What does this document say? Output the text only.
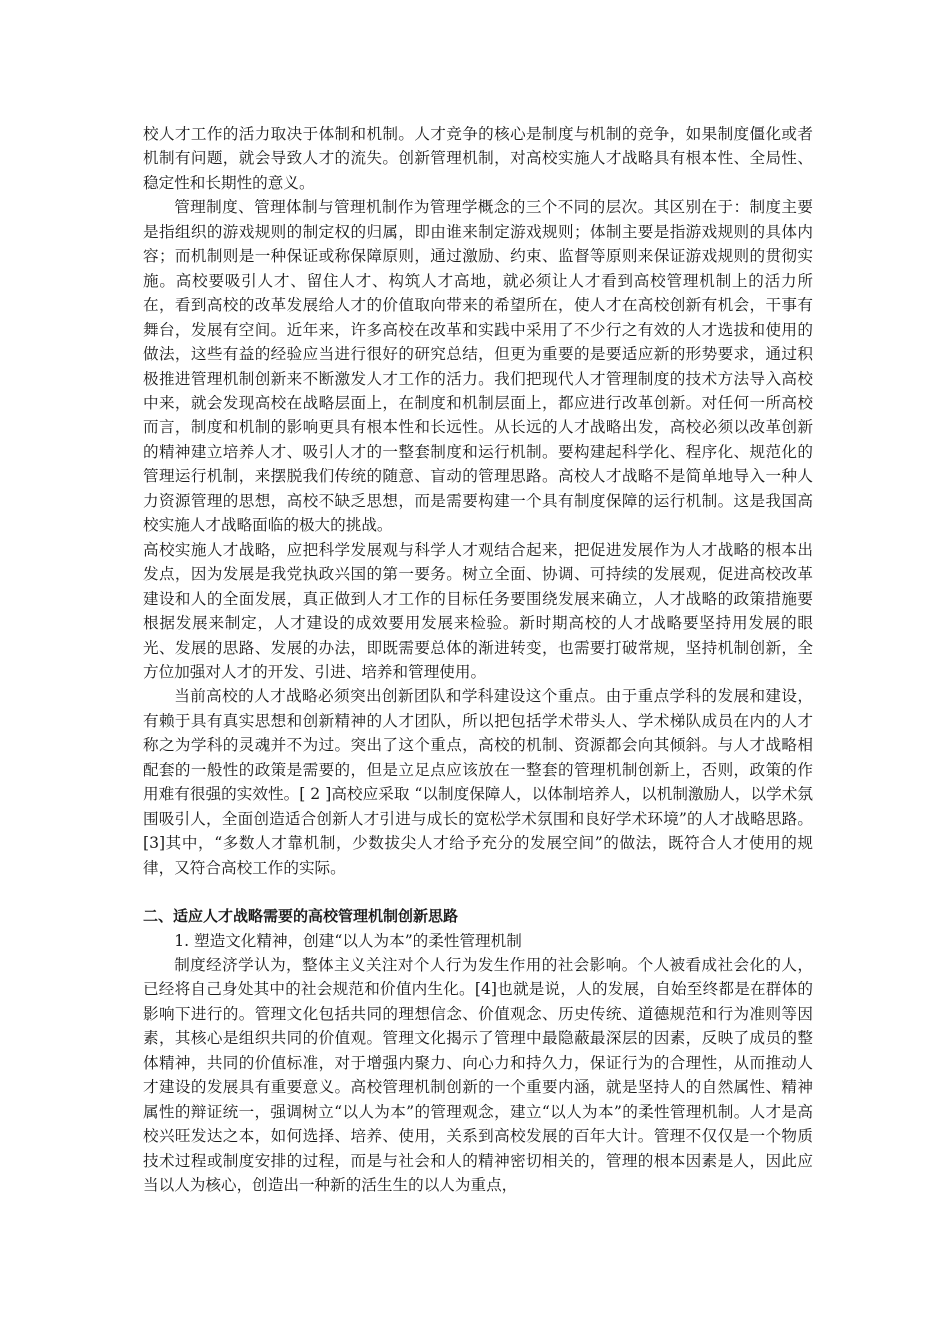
校人才工作的活力取决于体制和机制。人才竞争的核心是制度与机制的竞争，如果制度僵化或者机制有问题，就会导致人才的流失。创新管理机制，对高校实施人才战略具有根本性、全局性、稳定性和长期性的意义。

管理制度、管理体制与管理机制作为管理学概念的三个不同的层次。其区别在于：制度主要是指组织的游戏规则的制定权的归属，即由谁来制定游戏规则；体制主要是指游戏规则的具体内容；而机制则是一种保证或称保障原则，通过激励、约束、监督等原则来保证游戏规则的贯彻实施。高校要吸引人才、留住人才、构筑人才高地，就必须让人才看到高校管理机制上的活力所在，看到高校的改革发展给人才的价值取向带来的希望所在，使人才在高校创新有机会，干事有舞台，发展有空间。近年来，许多高校在改革和实践中采用了不少行之有效的人才选拔和使用的做法，这些有益的经验应当进行很好的研究总结，但更为重要的是要适应新的形势要求，通过积极推进管理机制创新来不断激发人才工作的活力。我们把现代人才管理制度的技术方法导入高校中来，就会发现高校在战略层面上，在制度和机制层面上，都应进行改革创新。对任何一所高校而言，制度和机制的影响更具有根本性和长远性。从长远的人才战略出发，高校必须以改革创新的精神建立培养人才、吸引人才的一整套制度和运行机制。要构建起科学化、程序化、规范化的管理运行机制，来摆脱我们传统的随意、盲动的管理思路。高校人才战略不是简单地导入一种人力资源管理的思想，高校不缺乏思想，而是需要构建一个具有制度保障的运行机制。这是我国高校实施人才战略面临的极大的挑战。

高校实施人才战略，应把科学发展观与科学人才观结合起来，把促进发展作为人才战略的根本出发点，因为发展是我党执政兴国的第一要务。树立全面、协调、可持续的发展观，促进高校改革建设和人的全面发展，真正做到人才工作的目标任务要围绕发展来确立，人才战略的政策措施要根据发展来制定，人才建设的成效要用发展来检验。新时期高校的人才战略要坚持用发展的眼光、发展的思路、发展的办法，即既需要总体的渐进转变，也需要打破常规，坚持机制创新，全方位加强对人才的开发、引进、培养和管理使用。

当前高校的人才战略必须突出创新团队和学科建设这个重点。由于重点学科的发展和建设，有赖于具有真实思想和创新精神的人才团队，所以把包括学术带头人、学术梯队成员在内的人才称之为学科的灵魂并不为过。突出了这个重点，高校的机制、资源都会向其倾斜。与人才战略相配套的一般性的政策是需要的，但是立足点应该放在一整套的管理机制创新上，否则，政策的作用难有很强的实效性。[ 2 ]高校应采取 “以制度保障人，以体制培养人，以机制激励人，以学术氛围吸引人，全面创造适合创新人才引进与成长的宽松学术氛围和良好学术环境”的人才战略思路。[3]其中，“多数人才靠机制，少数拔尖人才给予充分的发展空间”的做法，既符合人才使用的规律，又符合高校工作的实际。

二、适应人才战略需要的高校管理机制创新思路

1. 塑造文化精神，创建“以人为本”的柔性管理机制

制度经济学认为，整体主义关注对个人行为发生作用的社会影响。个人被看成社会化的人，已经将自己身处其中的社会规范和价值内生化。[4]也就是说，人的发展，自始至终都是在群体的影响下进行的。管理文化包括共同的理想信念、价值观念、历史传统、道德规范和行为准则等因素，其核心是组织共同的价值观。管理文化揭示了管理中最隐蔽最深层的因素，反映了成员的整体精神，共同的价值标准，对于增强内聚力、向心力和持久力，保证行为的合理性，从而推动人才建设的发展具有重要意义。高校管理机制创新的一个重要内涵，就是坚持人的自然属性、精神属性的辩证统一，强调树立“以人为本”的管理观念，建立“以人为本”的柔性管理机制。人才是高校兴旺发达之本，如何选择、培养、使用，关系到高校发展的百年大计。管理不仅仅是一个物质技术过程或制度安排的过程，而是与社会和人的精神密切相关的，管理的根本因素是人，因此应当以人为核心，创造出一种新的活生生的以人为重点，
